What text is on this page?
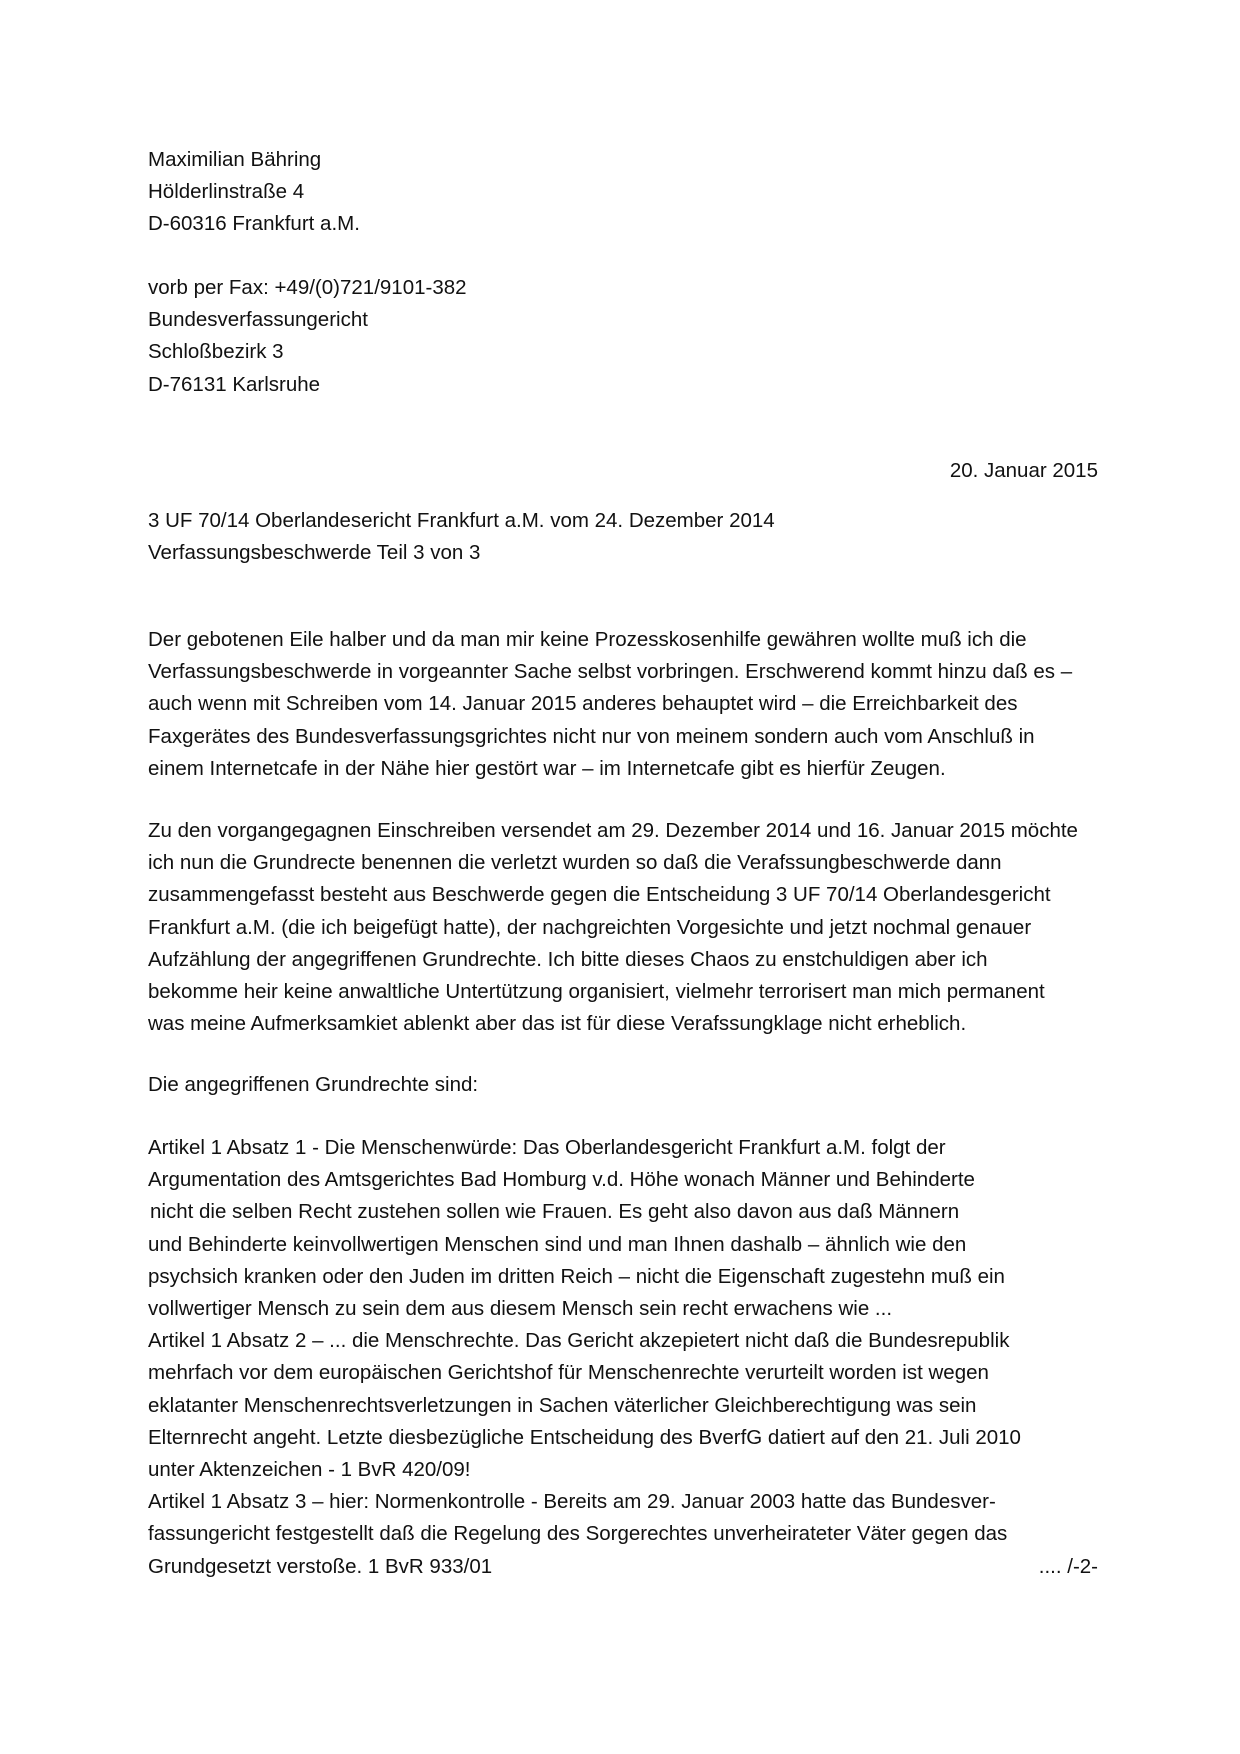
Maximilian Bähring
Hölderlinstraße 4
D-60316 Frankfurt a.M.
vorb per Fax: +49/(0)721/9101-382
Bundesverfassungericht
Schloßbezirk 3
D-76131 Karlsruhe
20. Januar 2015
3 UF 70/14 Oberlandesericht Frankfurt a.M. vom 24. Dezember 2014
Verfassungsbeschwerde Teil 3 von 3
Der gebotenen Eile halber und da man mir keine Prozesskosenhilfe gewähren wollte muß ich die
Verfassungsbeschwerde in vorgeannter Sache selbst vorbringen. Erschwerend kommt hinzu daß es –
auch wenn mit Schreiben vom 14. Januar 2015 anderes behauptet wird – die Erreichbarkeit des
Faxgerätes des Bundesverfassungsgrichtes nicht nur von meinem sondern auch vom Anschluß in
einem Internetcafe in der Nähe hier gestört war – im Internetcafe gibt es hierfür Zeugen.
Zu den vorgangegagnen Einschreiben versendet am 29. Dezember 2014 und 16. Januar 2015 möchte
ich nun die Grundrecte benennen die verletzt wurden so daß die Verafssungbeschwerde dann
zusammengefasst besteht aus Beschwerde gegen die Entscheidung 3 UF 70/14 Oberlandesgericht
Frankfurt a.M. (die ich beigefügt hatte), der nachgreichten Vorgesichte und jetzt nochmal genauer
Aufzählung der angegriffenen Grundrechte. Ich bitte dieses Chaos zu enstchuldigen aber ich
bekomme heir keine anwaltliche Untertützung organisiert, vielmehr terrorisert man mich permanent
was meine Aufmerksamkiet ablenkt aber das ist für diese Verafssungklage nicht erheblich.
Die angegriffenen Grundrechte sind:
Artikel 1 Absatz 1 - Die Menschenwürde: Das Oberlandesgericht Frankfurt a.M. folgt der
Argumentation des Amtsgerichtes Bad Homburg v.d. Höhe wonach Männer und Behinderte
nicht die selben Recht zustehen sollen wie Frauen. Es geht also davon aus daß Männern
und Behinderte keinvollwertigen Menschen sind und man Ihnen dashalb – ähnlich wie den
psychsich kranken oder den Juden im dritten Reich – nicht die Eigenschaft zugestehn muß ein
vollwertiger Mensch zu sein dem aus diesem Mensch sein recht erwachens wie ...
Artikel 1 Absatz 2 – ... die Menschrechte. Das Gericht akzepietert nicht daß die Bundesrepublik
mehrfach vor dem europäischen Gerichtshof für Menschenrechte verurteilt worden ist wegen
eklatanter Menschenrechtsverletzungen in Sachen väterlicher Gleichberechtigung was sein
Elternrecht angeht. Letzte diesbezügliche Entscheidung des BverfG datiert auf den 21. Juli 2010
unter Aktenzeichen - 1 BvR 420/09!
Artikel 1 Absatz 3 – hier: Normenkontrolle - Bereits am 29. Januar 2003 hatte das Bundesver-
fassungericht festgestellt daß die Regelung des Sorgerechtes unverheirateter Väter gegen das
Grundgesetzt verstoße. 1 BvR 933/01	.... /-2-
